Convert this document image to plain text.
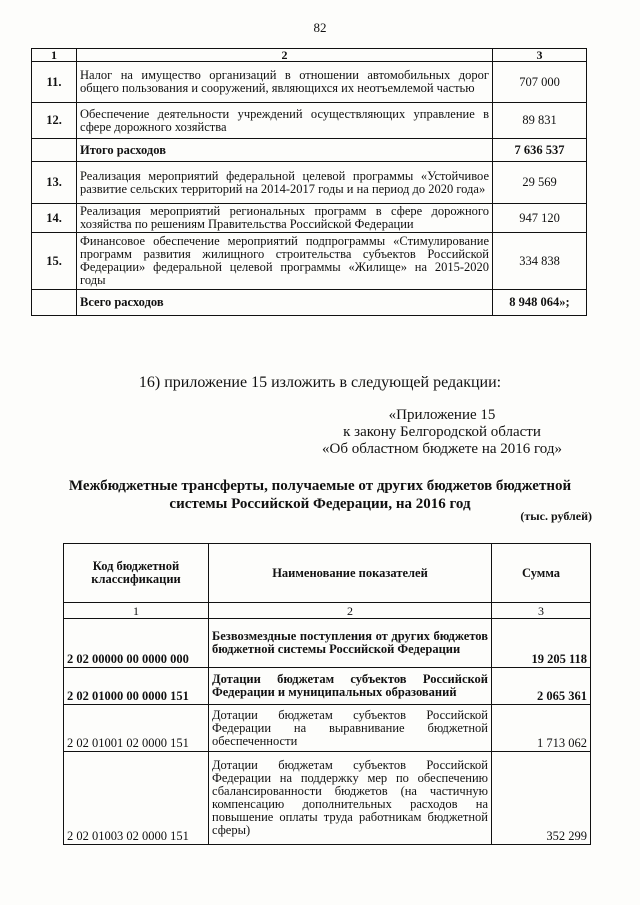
82
1	2	3
11.	Налог на имущество организаций в отношении автомобильных дорог общего пользования и сооружений, являющихся их неотъемлемой частью	707 000
12.	Обеспечение деятельности учреждений осуществляющих управление в сфере дорожного хозяйства	89 831
	Итого расходов	7 636 537
13.	Реализация мероприятий федеральной целевой программы «Устойчивое развитие сельских территорий на 2014-2017 годы и на период до 2020 года»	29 569
14.	Реализация мероприятий региональных программ в сфере дорожного хозяйства по решениям Правительства Российской Федерации	947 120
15.	Финансовое обеспечение мероприятий подпрограммы «Стимулирование программ развития жилищного строительства субъектов Российской Федерации» федеральной целевой программы «Жилище» на 2015-2020 годы	334 838
	Всего расходов	8 948 064»;
16) приложение 15 изложить в следующей редакции:
«Приложение 15
к закону Белгородской области
«Об областном бюджете на 2016 год»
Межбюджетные трансферты, получаемые от других бюджетов бюджетной
системы Российской Федерации, на 2016 год
(тыс. рублей)
Код бюджетной классификации	Наименование показателей	Сумма
1	2	3
2 02 00000 00 0000 000	Безвозмездные поступления от других бюджетов бюджетной системы Российской Федерации	19 205 118
2 02 01000 00 0000 151	Дотации бюджетам субъектов Российской Федерации и муниципальных образований	2 065 361
2 02 01001 02 0000 151	Дотации бюджетам субъектов Российской Федерации на выравнивание бюджетной обеспеченности	1 713 062
2 02 01003 02 0000 151	Дотации бюджетам субъектов Российской Федерации на поддержку мер по обеспечению сбалансированности бюджетов (на частичную компенсацию дополнительных расходов на повышение оплаты труда работникам бюджетной сферы)	352 299
